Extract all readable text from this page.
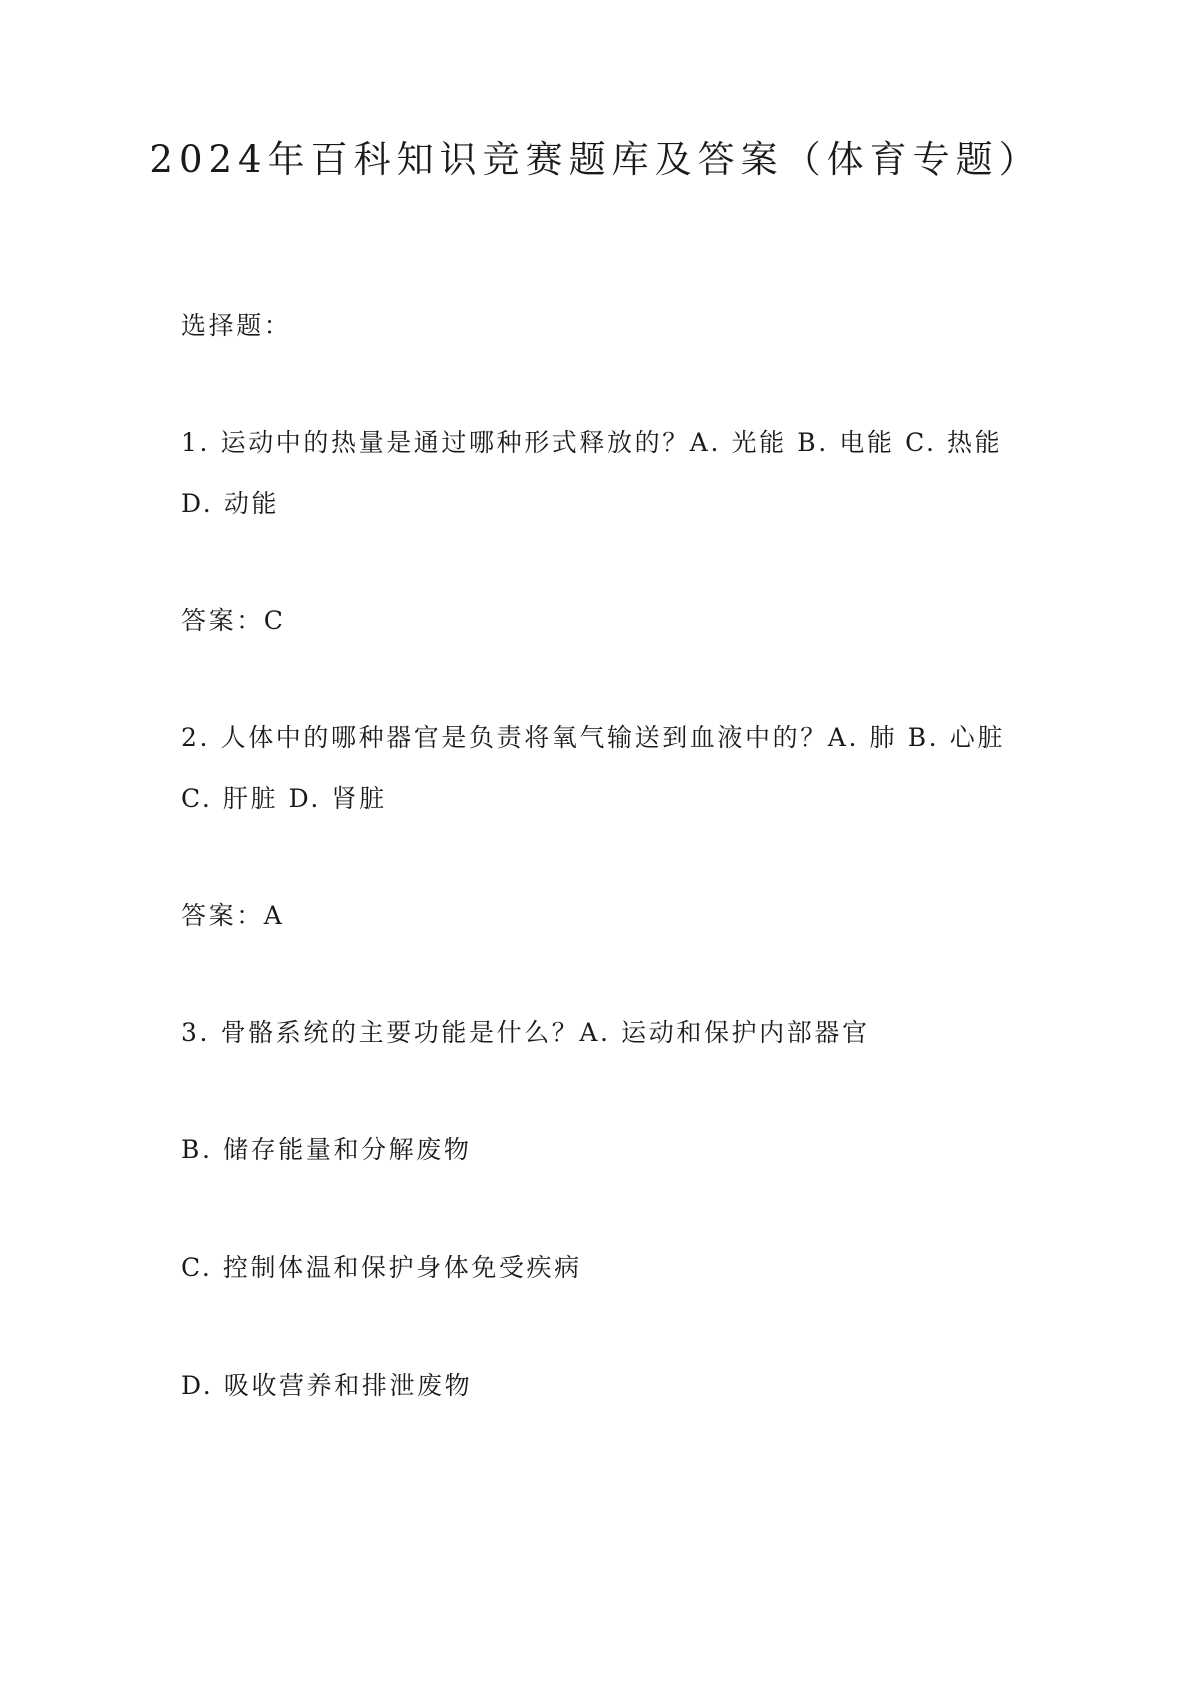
2024年百科知识竞赛题库及答案（体育专题）
选择题：
1. 运动中的热量是通过哪种形式释放的？A. 光能 B. 电能 C. 热能
D. 动能
答案：C
2. 人体中的哪种器官是负责将氧气输送到血液中的？A. 肺 B. 心脏
C. 肝脏 D. 肾脏
答案：A
3. 骨骼系统的主要功能是什么？A. 运动和保护内部器官
B. 储存能量和分解废物
C. 控制体温和保护身体免受疾病
D. 吸收营养和排泄废物
